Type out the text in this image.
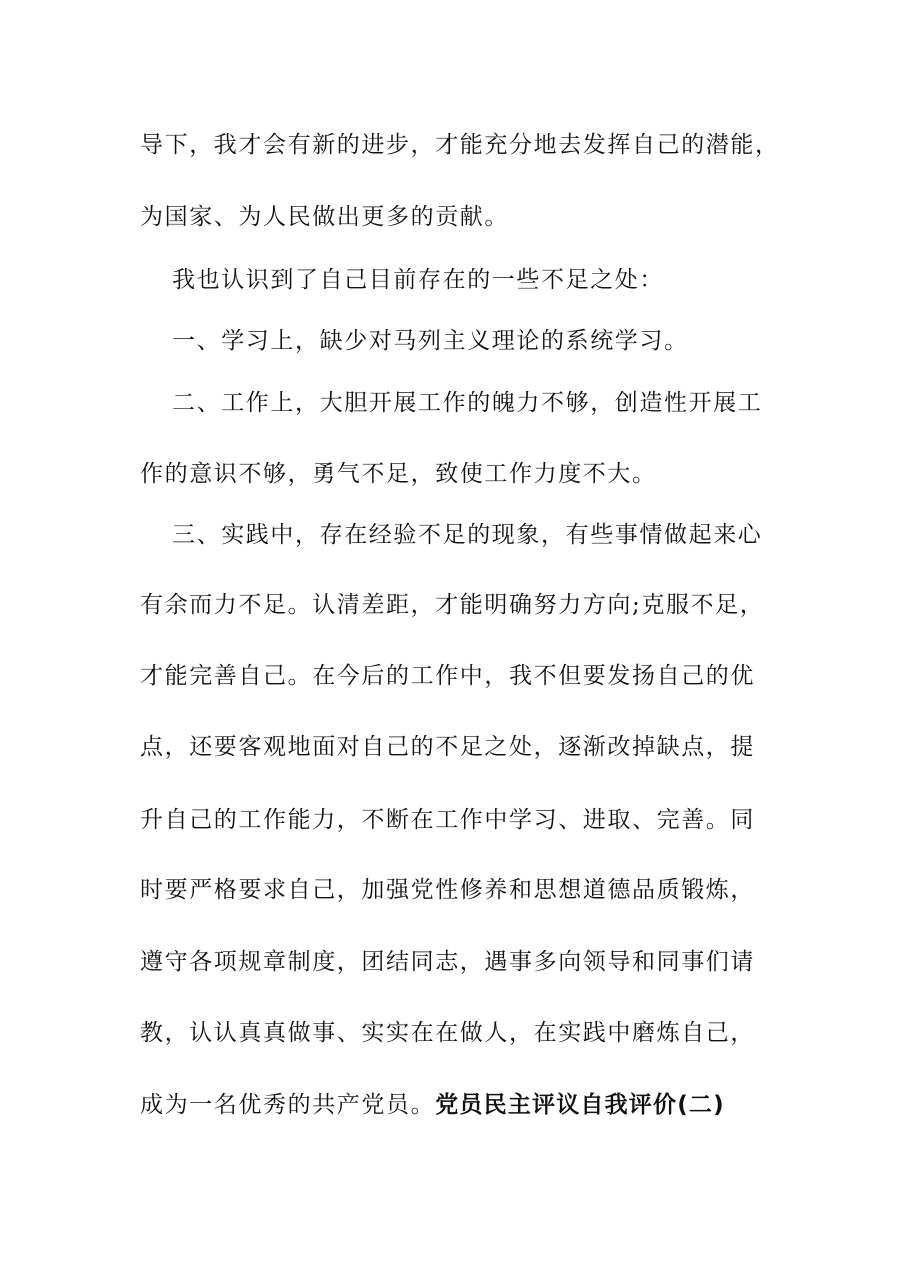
导下，我才会有新的进步，才能充分地去发挥自己的潜能，
为国家、为人民做出更多的贡献。
我也认识到了自己目前存在的一些不足之处：
一、学习上，缺少对马列主义理论的系统学习。
二、工作上，大胆开展工作的魄力不够，创造性开展工
作的意识不够，勇气不足，致使工作力度不大。
三、实践中，存在经验不足的现象，有些事情做起来心
有余而力不足。认清差距，才能明确努力方向;克服不足，
才能完善自己。在今后的工作中，我不但要发扬自己的优
点，还要客观地面对自己的不足之处，逐渐改掉缺点，提
升自己的工作能力，不断在工作中学习、进取、完善。同
时要严格要求自己，加强党性修养和思想道德品质锻炼，
遵守各项规章制度，团结同志，遇事多向领导和同事们请
教，认认真真做事、实实在在做人，在实践中磨炼自己，
成为一名优秀的共产党员。党员民主评议自我评价(二)
